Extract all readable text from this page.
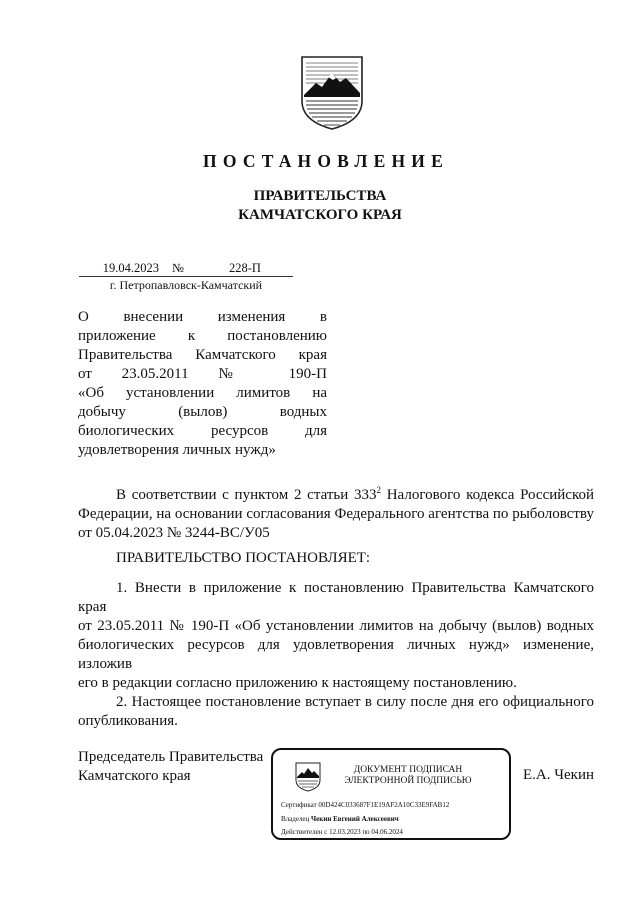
ПОСТАНОВЛЕНИЕ
ПРАВИТЕЛЬСТВА
КАМЧАТСКОГО КРАЯ
19.04.2023	№	228-П
г. Петропавловск-Камчатский
О внесении изменения в
приложение к постановлению
Правительства Камчатского края
от 23.05.2011 № 190-П
«Об установлении лимитов на
добычу (вылов) водных
биологических ресурсов для
удовлетворения личных нужд»
В соответствии с пунктом 2 статьи $333^2$ Налогового кодекса Российской
Федерации, на основании согласования Федерального агентства по рыболовству
от 05.04.2023 № 3244-ВС/У05
ПРАВИТЕЛЬСТВО ПОСТАНОВЛЯЕТ:
1. Внести в приложение к постановлению Правительства Камчатского края
от 23.05.2011 № 190-П «Об установлении лимитов на добычу (вылов) водных
биологических ресурсов для удовлетворения личных нужд» изменение, изложив
его в редакции согласно приложению к настоящему постановлению.
2. Настоящее постановление вступает в силу после дня его официального
опубликования.
Председатель Правительства
Камчатского края	Е.А. Чекин
ДОКУМЕНТ ПОДПИСАН
ЭЛЕКТРОННОЙ ПОДПИСЬЮ
Сертификат 00D424C033687F1E19AF2A10C33E9FAB12
Владелец Чекин Евгений Алексеевич
Действителен с 12.03.2023 по 04.06.2024
